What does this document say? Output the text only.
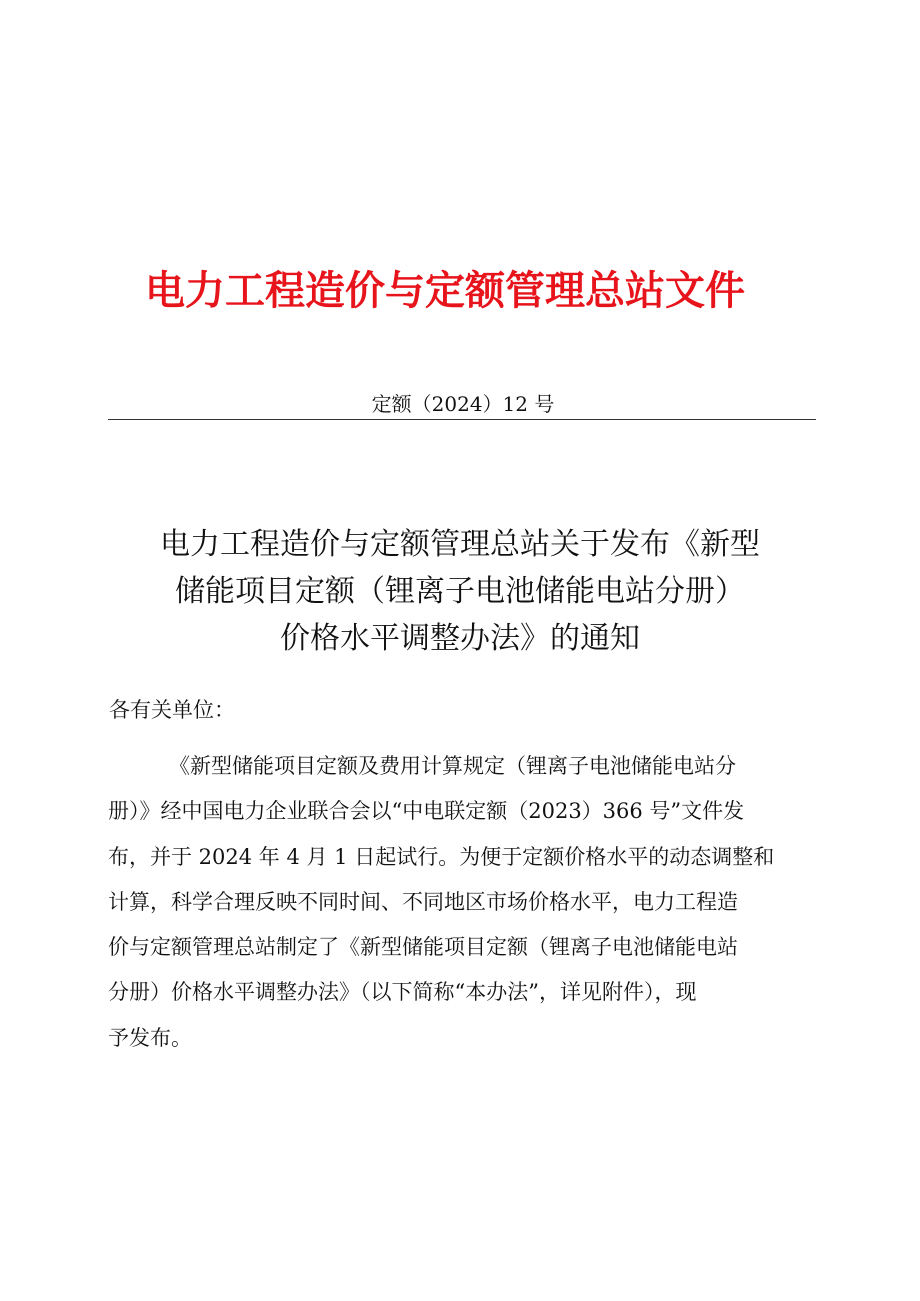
电力工程造价与定额管理总站文件
定额（2024）12 号
电力工程造价与定额管理总站关于发布《新型
储能项目定额（锂离子电池储能电站分册）
价格水平调整办法》的通知
各有关单位：
《新型储能项目定额及费用计算规定（锂离子电池储能电站分
册）》经中国电力企业联合会以“中电联定额（2023）366 号”文件发
布，并于 2024 年 4 月 1 日起试行。为便于定额价格水平的动态调整和
计算，科学合理反映不同时间、不同地区市场价格水平，电力工程造
价与定额管理总站制定了《新型储能项目定额（锂离子电池储能电站
分册）价格水平调整办法》（以下简称“本办法”，详见附件），现
予发布。
